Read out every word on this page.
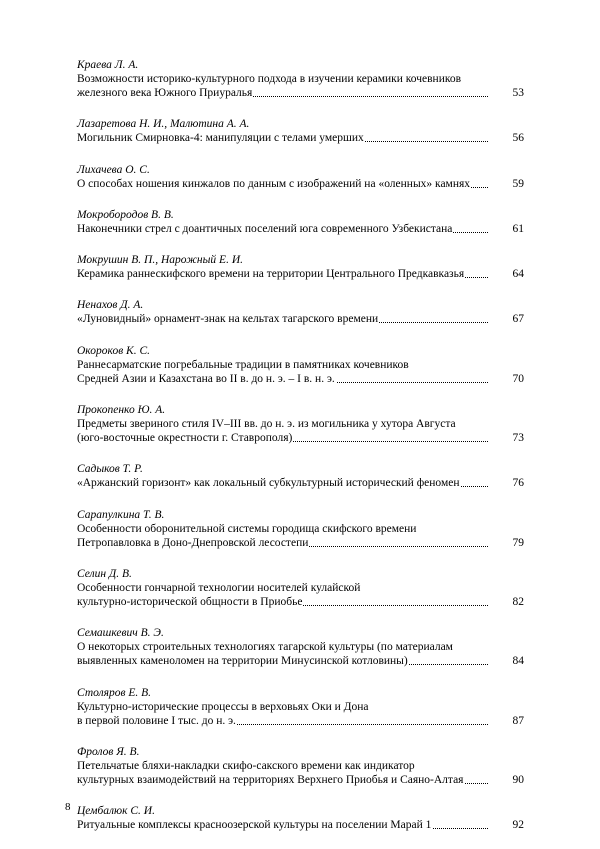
Краева Л. А.
Возможности историко-культурного подхода в изучении керамики кочевников
железного века Южного Приуралья	53
Лазаретова Н. И., Малютина А. А.
Могильник Смирновка-4: манипуляции с телами умерших	56
Лихачева О. С.
О способах ношения кинжалов по данным с изображений на «оленных» камнях	59
Мокробородов В. В.
Наконечники стрел с доантичных поселений юга современного Узбекистана	61
Мокрушин В. П., Нарожный Е. И.
Керамика раннескифского времени на территории Центрального Предкавказья	64
Ненахов Д. А.
«Луновидный» орнамент-знак на кельтах тагарского времени	67
Окороков К. С.
Раннесарматские погребальные традиции в памятниках кочевников
Средней Азии и Казахстана во II в. до н. э. – I в. н. э.	70
Прокопенко Ю. А.
Предметы звериного стиля IV–III вв. до н. э. из могильника у хутора Августа
(юго-восточные окрестности г. Ставрополя)	73
Садыков Т. Р.
«Аржанский горизонт» как локальный субкультурный исторический феномен	76
Сарапулкина Т. В.
Особенности оборонительной системы городища скифского времени
Петропавловка в Доно-Днепровской лесостепи	79
Селин Д. В.
Особенности гончарной технологии носителей кулайской
культурно-исторической общности в Приобье	82
Семашкевич В. Э.
О некоторых строительных технологиях тагарской культуры (по материалам
выявленных каменоломен на территории Минусинской котловины)	84
Столяров Е. В.
Культурно-исторические процессы в верховьях Оки и Дона
в первой половине I тыс. до н. э.	87
Фролов Я. В.
Петельчатые бляхи-накладки скифо-сакского времени как индикатор
культурных взаимодействий на территориях Верхнего Приобья и Саяно-Алтая	90
Цембалюк С. И.
Ритуальные комплексы красноозерской культуры на поселении Марай 1	92
8
